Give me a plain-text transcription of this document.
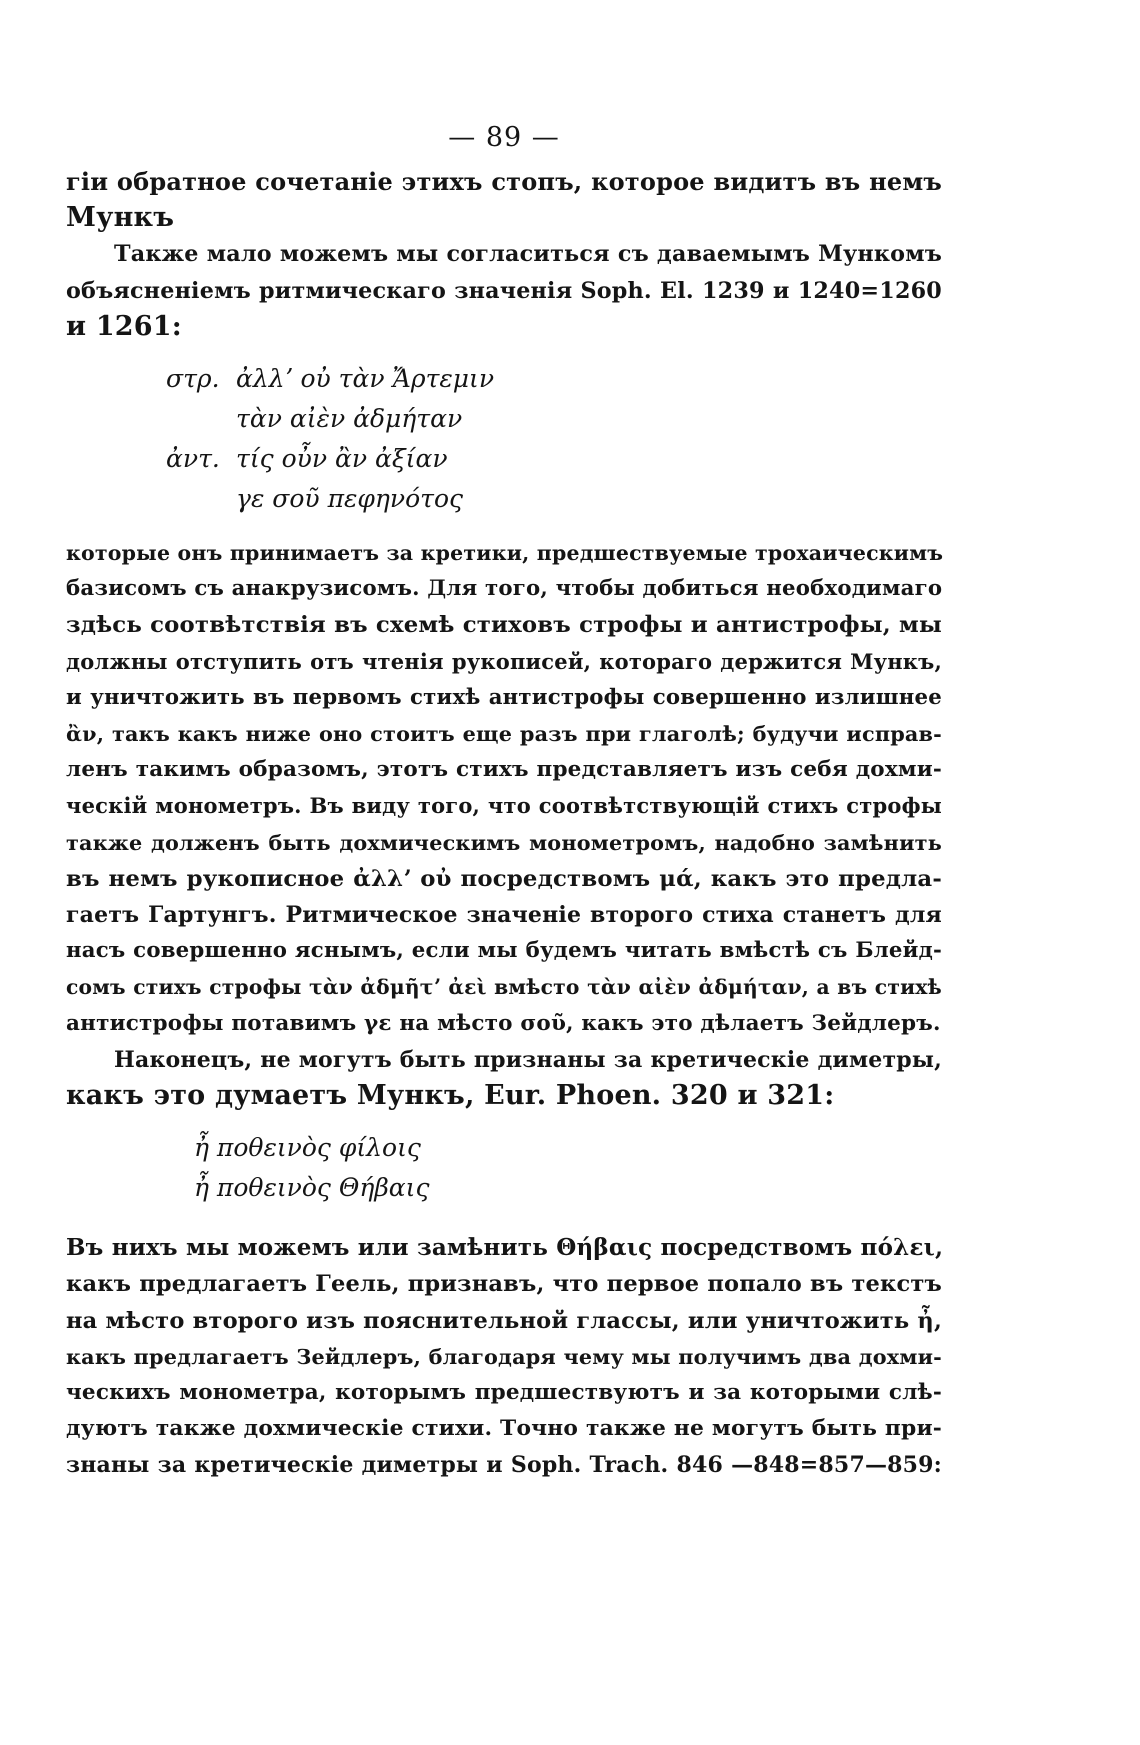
— 89 —

гіи обратное сочетаніе этихъ стопъ, которое видитъ въ немъ
Мункъ

Также мало можемъ мы согласиться съ даваемымъ Мункомъ
объясненіемъ ритмическаго значенія Soph. El. 1239 и 1240=1260
и 1261:

στρ. ἀλλʼ οὐ τὰν Ἄρτεμιν
τὰν αἰὲν ἀδμήταν
ἀντ. τίς οὖν ἂν ἀξίαν
γε σοῦ πεφηνότος

которые онъ принимаетъ за кретики, предшествуемые трохаическимъ
базисомъ съ анакрузисомъ. Для того, чтобы добиться необходимаго
здѣсь соотвѣтствія въ схемѣ стиховъ строфы и антистрофы, мы
должны отступить отъ чтенія рукописей, котораго держится Мункъ,
и уничтожить въ первомъ стихѣ антистрофы совершенно излишнее
ἂν, такъ какъ ниже оно стоитъ еще разъ при глаголѣ; будучи исправ-
ленъ такимъ образомъ, этотъ стихъ представляетъ изъ себя дохми-
ческій монометръ. Въ виду того, что соотвѣтствующій стихъ строфы
также долженъ быть дохмическимъ монометромъ, надобно замѣнить
въ немъ рукописное ἀλλʼ οὐ посредствомъ μά, какъ это предла-
гаетъ Гартунгъ. Ритмическое значеніе второго стиха станетъ для
насъ совершенно яснымъ, если мы будемъ читать вмѣстѣ съ Блейд-
сомъ стихъ строфы τὰν ἀδμῆτʼ ἀεὶ вмѣсто τὰν αἰὲν ἀδμήταν, а въ стихѣ
антистрофы потавимъ γε на мѣсто σοῦ, какъ это дѣлаетъ Зейдлеръ.

Наконецъ, не могутъ быть признаны за кретическіе диметры,
какъ это думаетъ Мункъ, Eur. Phoen. 320 и 321:

ἦ ποθεινὸς φίλοις
ἦ ποθεινὸς Θήβαις

Въ нихъ мы можемъ или замѣнить Θήβαις посредствомъ πόλει,
какъ предлагаетъ Геель, признавъ, что первое попало въ текстъ
на мѣсто второго изъ пояснительной глассы, или уничтожить ἦ,
какъ предлагаетъ Зейдлеръ, благодаря чему мы получимъ два дохми-
ческихъ монометра, которымъ предшествуютъ и за которыми слѣ-
дуютъ также дохмическіе стихи. Точно также не могутъ быть при-
знаны за кретическіе диметры и Soph. Trach. 846 —848=857—859:
